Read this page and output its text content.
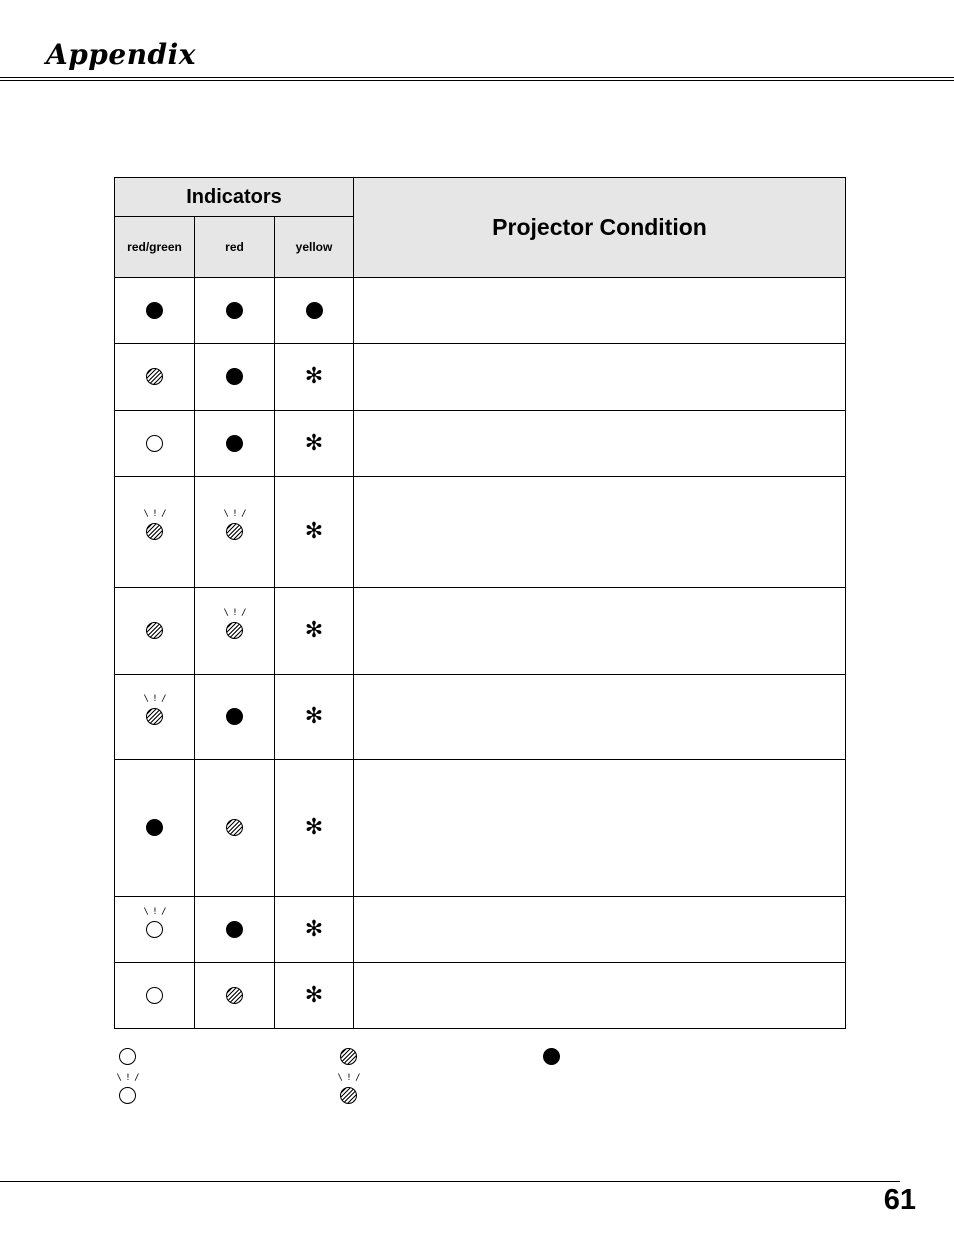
Appendix
Indicators			Projector Condition
red/green	red	yellow	

		✻	
		✻	

\ ! /	\ ! /	✻	

	\ ! /	✻	

\ ! /		✻	
		✻	

\ ! /		✻	
		✻	
\ ! /	\ ! /
61
